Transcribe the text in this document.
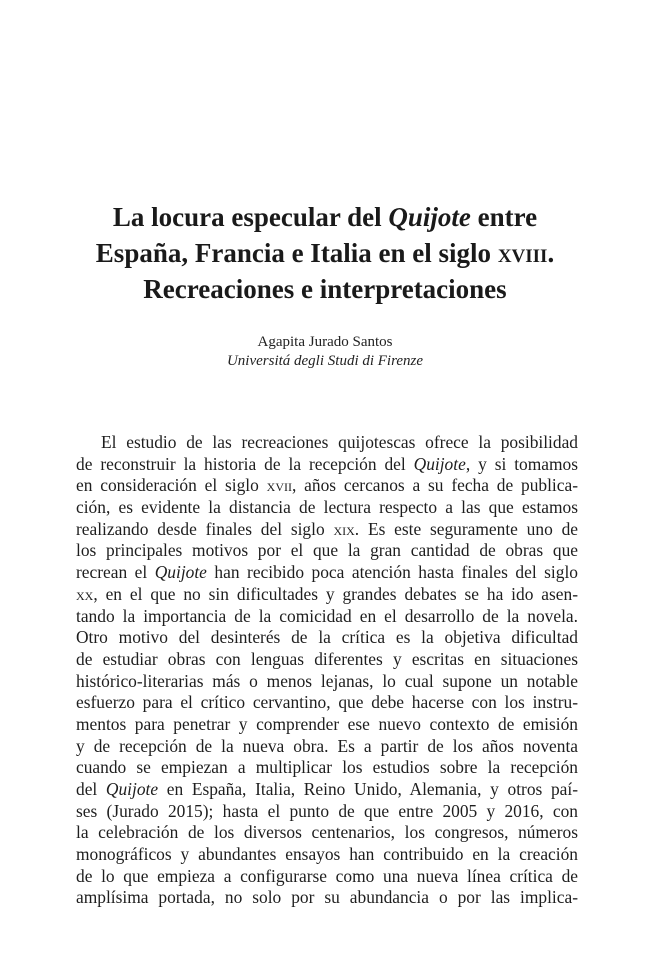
La locura especular del Quijote entre
España, Francia e Italia en el siglo xviii.
Recreaciones e interpretaciones
Agapita Jurado Santos
Universitá degli Studi di Firenze
El estudio de las recreaciones quijotescas ofrece la posibilidad
de reconstruir la historia de la recepción del Quijote, y si tomamos
en consideración el siglo xvii, años cercanos a su fecha de publica-
ción, es evidente la distancia de lectura respecto a las que estamos
realizando desde finales del siglo xix. Es este seguramente uno de
los principales motivos por el que la gran cantidad de obras que
recrean el Quijote han recibido poca atención hasta finales del siglo
xx, en el que no sin dificultades y grandes debates se ha ido asen-
tando la importancia de la comicidad en el desarrollo de la novela.
Otro motivo del desinterés de la crítica es la objetiva dificultad
de estudiar obras con lenguas diferentes y escritas en situaciones
histórico-literarias más o menos lejanas, lo cual supone un notable
esfuerzo para el crítico cervantino, que debe hacerse con los instru-
mentos para penetrar y comprender ese nuevo contexto de emisión
y de recepción de la nueva obra. Es a partir de los años noventa
cuando se empiezan a multiplicar los estudios sobre la recepción
del Quijote en España, Italia, Reino Unido, Alemania, y otros paí-
ses (Jurado 2015); hasta el punto de que entre 2005 y 2016, con
la celebración de los diversos centenarios, los congresos, números
monográficos y abundantes ensayos han contribuido en la creación
de lo que empieza a configurarse como una nueva línea crítica de
amplísima portada, no solo por su abundancia o por las implica-
